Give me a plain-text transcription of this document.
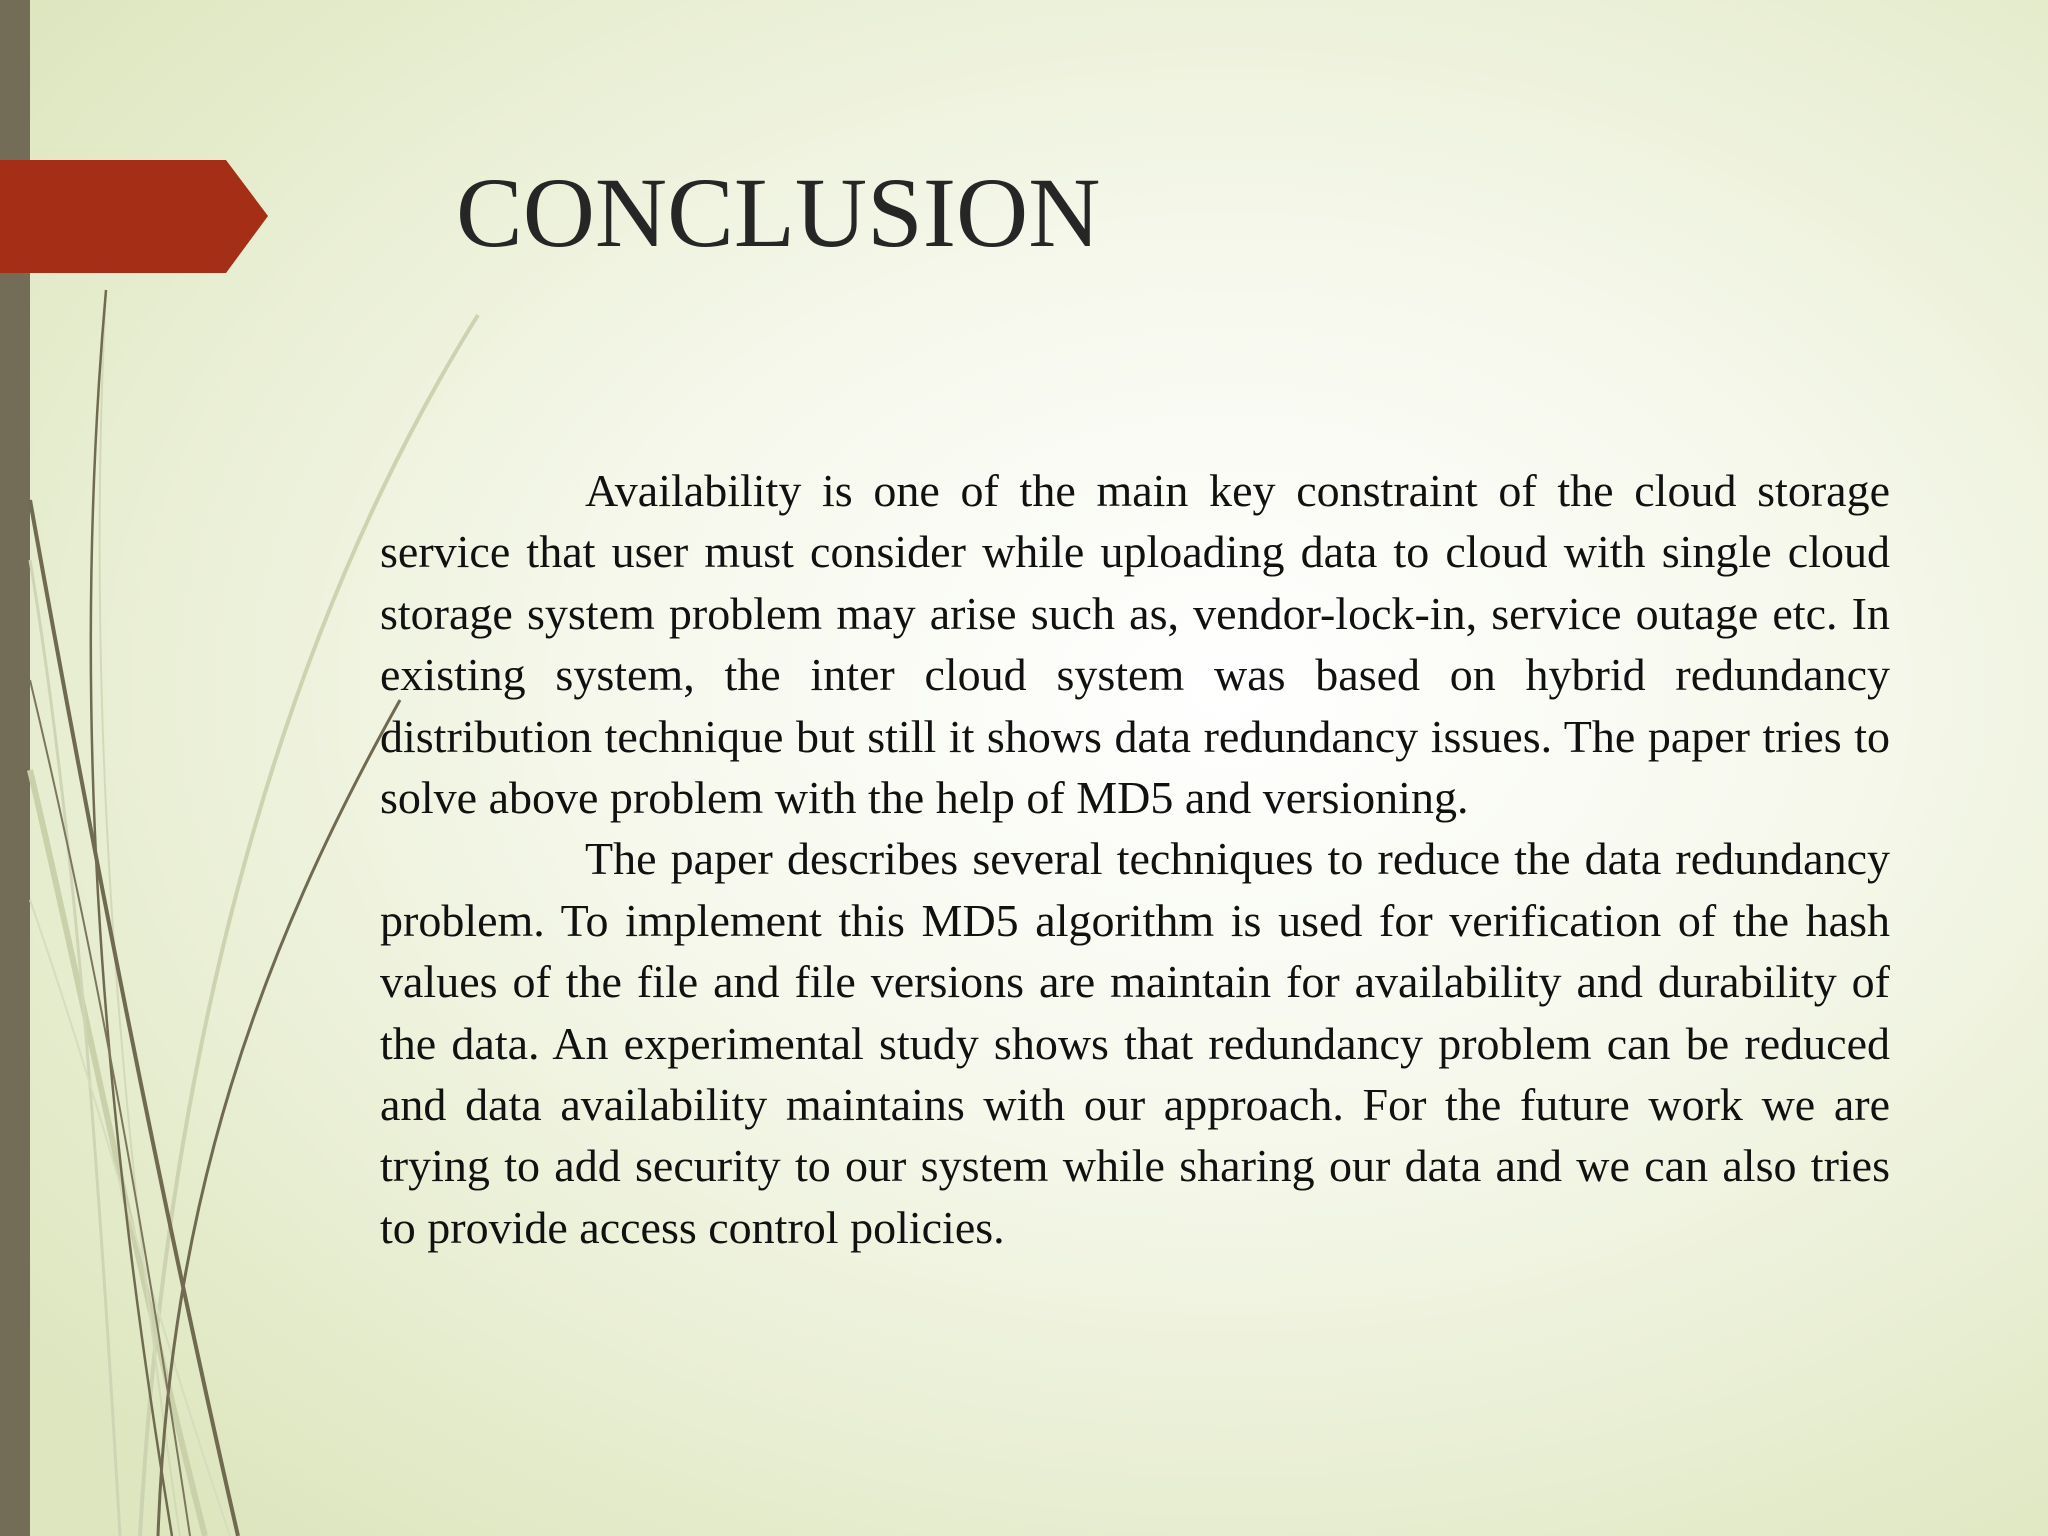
CONCLUSION

Availability is one of the main key constraint of the cloud storage service that user must consider while uploading data to cloud with single cloud storage system problem may arise such as, vendor-lock-in, service outage etc. In existing system, the inter cloud system was based on hybrid redundancy distribution technique but still it shows data redundancy issues. The paper tries to solve above problem with the help of MD5 and versioning.

The paper describes several techniques to reduce the data redundancy problem. To implement this MD5 algorithm is used for verification of the hash values of the file and file versions are maintain for availability and durability of the data. An experimental study shows that redundancy problem can be reduced and data availability maintains with our approach. For the future work we are trying to add security to our system while sharing our data and we can also tries to provide access control policies.
